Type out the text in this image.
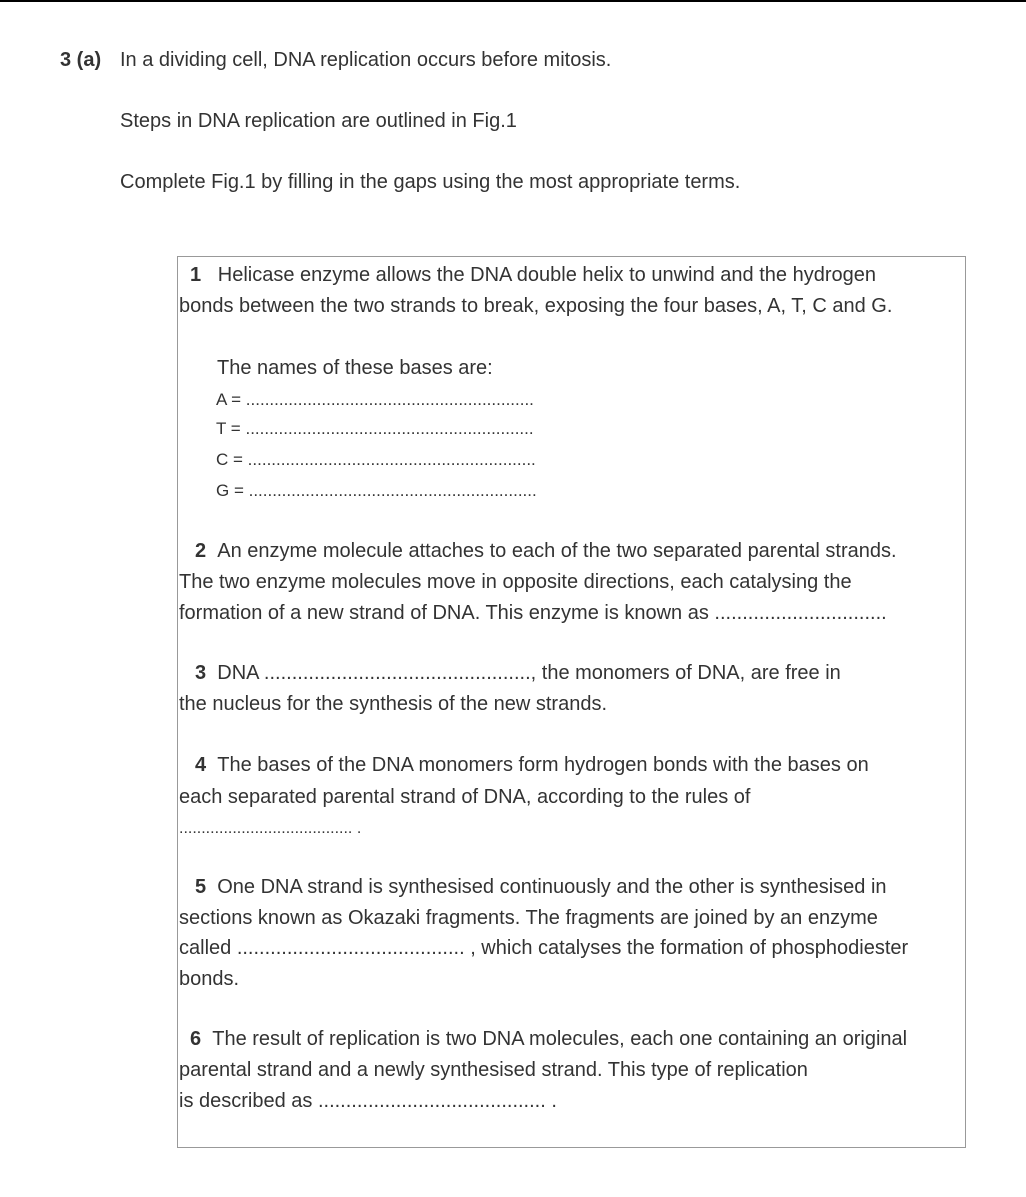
3 (a) In a dividing cell, DNA replication occurs before mitosis.
Steps in DNA replication are outlined in Fig.1
Complete Fig.1 by filling in the gaps using the most appropriate terms.
1 Helicase enzyme allows the DNA double helix to unwind and the hydrogen
bonds between the two strands to break, exposing the four bases, A, T, C and G.
The names of these bases are:
A = .............................................................
T = .............................................................
C = .............................................................
G = .............................................................
2 An enzyme molecule attaches to each of the two separated parental strands.
The two enzyme molecules move in opposite directions, each catalysing the
formation of a new strand of DNA. This enzyme is known as ...............................
3 DNA ................................................, the monomers of DNA, are free in
the nucleus for the synthesis of the new strands.
4 The bases of the DNA monomers form hydrogen bonds with the bases on
each separated parental strand of DNA, according to the rules of
....................................... .
5 One DNA strand is synthesised continuously and the other is synthesised in
sections known as Okazaki fragments. The fragments are joined by an enzyme
called ......................................... , which catalyses the formation of phosphodiester
bonds.
6 The result of replication is two DNA molecules, each one containing an original
parental strand and a newly synthesised strand. This type of replication
is described as ......................................... .
